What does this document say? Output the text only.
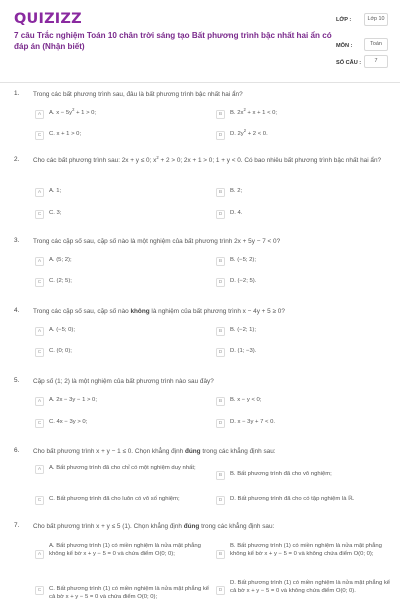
QUIZIZZ
7 câu Trắc nghiệm Toán 10 chân trời sáng tạo Bất phương trình bậc nhất hai ẩn có đáp án (Nhận biết)
LỚP :	Lớp 10
MÔN :	Toán
SỐ CÂU :	7
1. Trong các bất phương trình sau, đâu là bất phương trình bậc nhất hai ẩn?
A	A. $x - 5y^2 + 1 > 0$;	B	B. $2x^2 + x + 1 < 0$;
C	C. x + 1 > 0;	D	D. $2y^2 + 2 < 0$.
2. Cho các bất phương trình sau: 2x + y ≤ 0; $x^2 + 2 > 0$; 2x + 1 > 0; 1 + y < 0. Có bao nhiêu bất phương trình bậc nhất hai ẩn?
A	A. 1;	B	B. 2;
C	C. 3;	D	D. 4.
3. Trong các cặp số sau, cặp số nào là một nghiệm của bất phương trình 2x + 5y − 7 < 0?
A	A. (5; 2);	B	B. (−5; 2);
C	C. (2; 5);	D	D. (−2; 5).
4. Trong các cặp số sau, cặp số nào không là nghiệm của bất phương trình x − 4y + 5 ≥ 0?
A	A. (−5; 0);	B	B. (−2; 1);
C	C. (0; 0);	D	D. (1; −3).
5. Cặp số (1; 2) là một nghiệm của bất phương trình nào sau đây?
A	A. 2x − 3y − 1 > 0;	B	B. x − y < 0;
C	C. 4x − 3y > 0;	D	D. x − 3y + 7 < 0.
6. Cho bất phương trình x + y − 1 ≤ 0. Chọn khẳng định đúng trong các khẳng định sau:
A	A. Bất phương trình đã cho chỉ có một nghiệm duy nhất;
B	B. Bất phương trình đã cho vô nghiệm;
C	C. Bất phương trình đã cho luôn có vô số nghiệm;	D	D. Bất phương trình đã cho có tập nghiệm là ℝ.
7. Cho bất phương trình x + y ≤ 5 (1). Chọn khẳng định đúng trong các khẳng định sau:
A
A. Bất phương trình (1) có miền nghiệm là nửa mặt phẳng không kể bờ x + y − 5 = 0 và chứa điểm O(0; 0);	B
B. Bất phương trình (1) có miền nghiệm là nửa mặt phẳng không kể bờ x + y − 5 = 0 và không chứa điểm O(0; 0);
C	C. Bất phương trình (1) có miền nghiệm là nửa mặt phẳng kể cả bờ x + y − 5 = 0 và chứa điểm O(0; 0);
D
D. Bất phương trình (1) có miền nghiệm là nửa mặt phẳng kể cả bờ x + y − 5 = 0 và không chứa điểm O(0; 0).
